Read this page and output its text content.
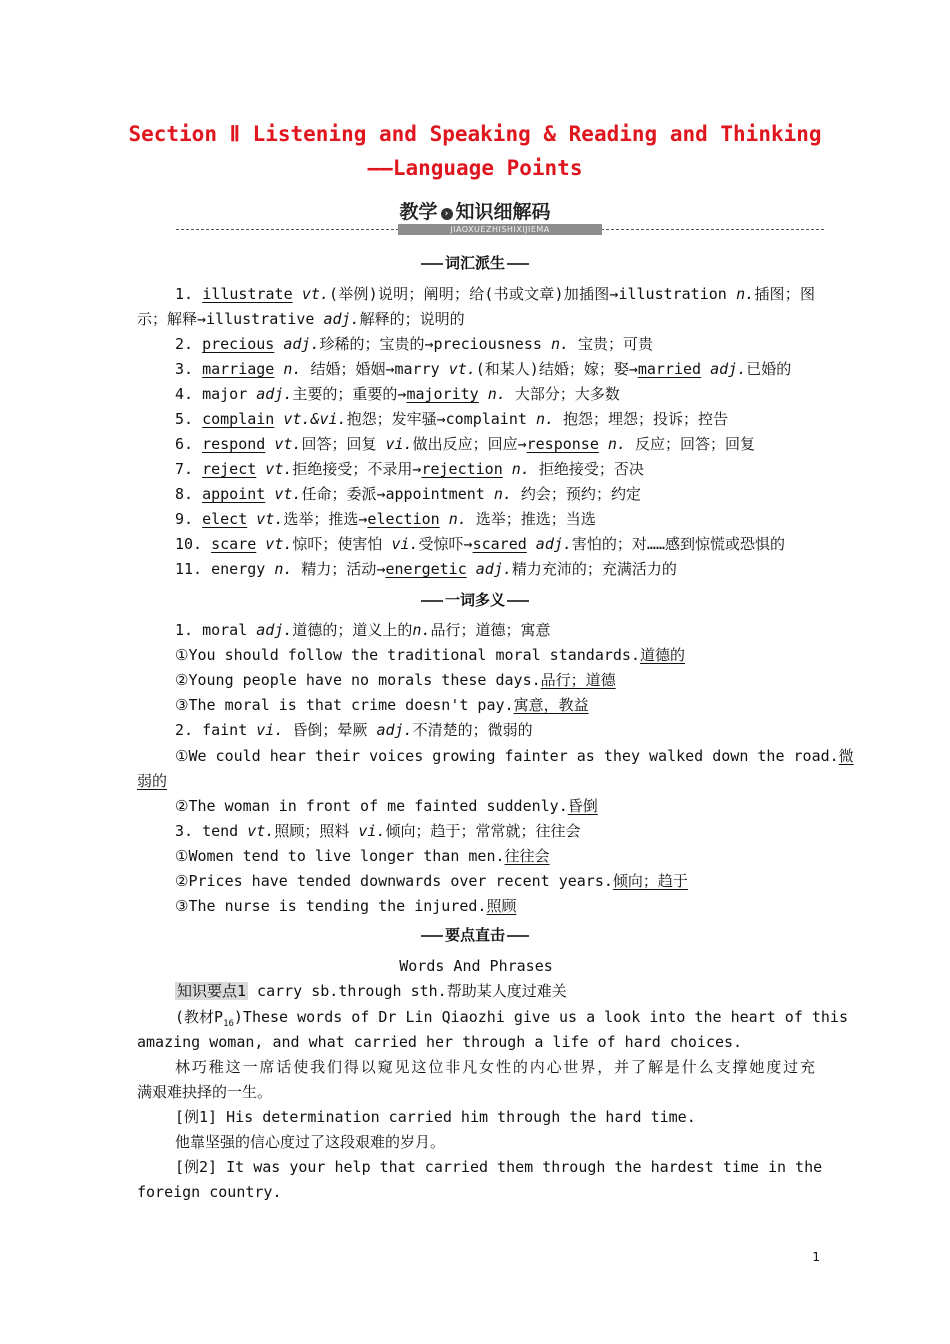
Section Ⅱ Listening and Speaking & Reading and Thinking
——Language Points
教学 › 知识细解码
JIAOXUEZHISHIXIJIEMA
词汇派生
1. illustrate vt.(举例)说明；阐明；给(书或文章)加插图→illustration n.插图；图
示；解释→illustrative adj.解释的；说明的
2. precious adj.珍稀的；宝贵的→preciousness n. 宝贵；可贵
3. marriage n. 结婚；婚姻→marry vt.(和某人)结婚；嫁；娶→married adj.已婚的
4. major adj.主要的；重要的→majority n. 大部分；大多数
5. complain vt.&vi.抱怨；发牢骚→complaint n. 抱怨；埋怨；投诉；控告
6. respond vt.回答；回复 vi.做出反应；回应→response n. 反应；回答；回复
7. reject vt.拒绝接受；不录用→rejection n. 拒绝接受；否决
8. appoint vt.任命；委派→appointment n. 约会；预约；约定
9. elect vt.选举；推选→election n. 选举；推选；当选
10. scare vt.惊吓；使害怕 vi.受惊吓→scared adj.害怕的；对……感到惊慌或恐惧的
11. energy n. 精力；活动→energetic adj.精力充沛的；充满活力的
一词多义
1. moral adj.道德的；道义上的n.品行；道德；寓意
①You should follow the traditional moral standards.道德的
②Young people have no morals these days.品行；道德
③The moral is that crime doesn't pay.寓意，教益
2. faint vi. 昏倒；晕厥 adj.不清楚的；微弱的
①We could hear their voices growing fainter as they walked down the road.微
弱的
②The woman in front of me fainted suddenly.昏倒
3. tend vt.照顾；照料 vi.倾向；趋于；常常就；往往会
①Women tend to live longer than men.往往会
②Prices have tended downwards over recent years.倾向；趋于
③The nurse is tending the injured.照顾
要点直击
Words And Phrases
知识要点1 carry sb.through sth.帮助某人度过难关
(教材$P_{16})These$ words of Dr Lin Qiaozhi give us a look into the heart of this
amazing woman, and what carried her through a life of hard choices.
林巧稚这一席话使我们得以窥见这位非凡女性的内心世界，并了解是什么支撑她度过充
满艰难抉择的一生。
[例1] His determination carried him through the hard time.
他靠坚强的信心度过了这段艰难的岁月。
[例2] It was your help that carried them through the hardest time in the
foreign country.
1
